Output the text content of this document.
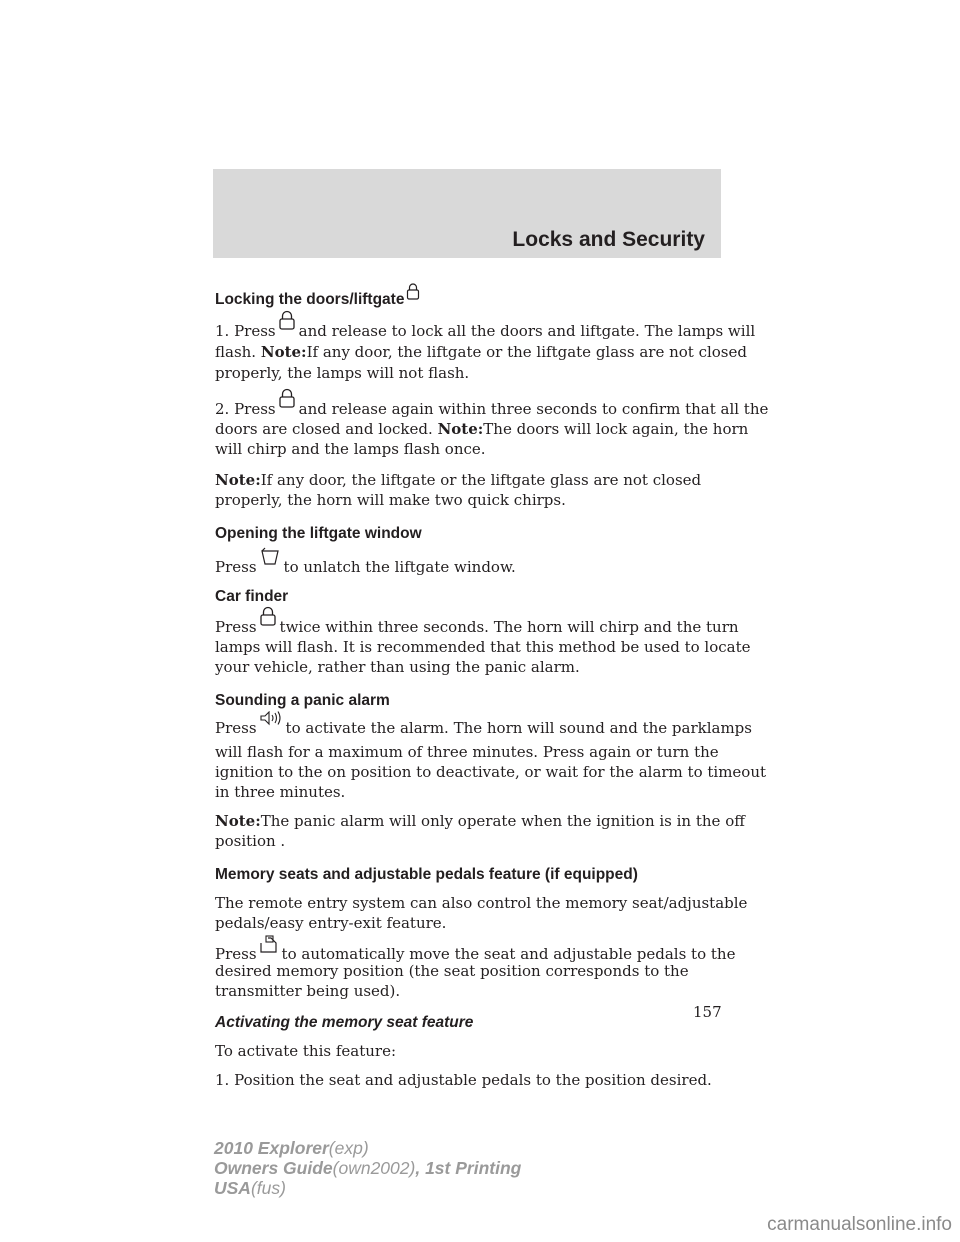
Locks and Security
Locking the doors/liftgate
1. Press and release to lock all the doors and liftgate. The lamps will
flash. Note:If any door, the liftgate or the liftgate glass are not closed
properly, the lamps will not flash.
2. Press and release again within three seconds to confirm that all the
doors are closed and locked. Note:The doors will lock again, the horn
will chirp and the lamps flash once.
Note:If any door, the liftgate or the liftgate glass are not closed
properly, the horn will make two quick chirps.
Opening the liftgate window
Press to unlatch the liftgate window.
Car finder
Press twice within three seconds. The horn will chirp and the turn
lamps will flash. It is recommended that this method be used to locate
your vehicle, rather than using the panic alarm.
Sounding a panic alarm
Press to activate the alarm. The horn will sound and the parklamps
will flash for a maximum of three minutes. Press again or turn the
ignition to the on position to deactivate, or wait for the alarm to timeout
in three minutes.
Note:The panic alarm will only operate when the ignition is in the off
position .
Memory seats and adjustable pedals feature (if equipped)
The remote entry system can also control the memory seat/adjustable
pedals/easy entry-exit feature.
Press to automatically move the seat and adjustable pedals to the
desired memory position (the seat position corresponds to the
transmitter being used).
Activating the memory seat feature
To activate this feature:
1. Position the seat and adjustable pedals to the position desired.
157
2010 Explorer(exp)
Owners Guide(own2002), 1st Printing
USA(fus)
carmanualsonline.info
